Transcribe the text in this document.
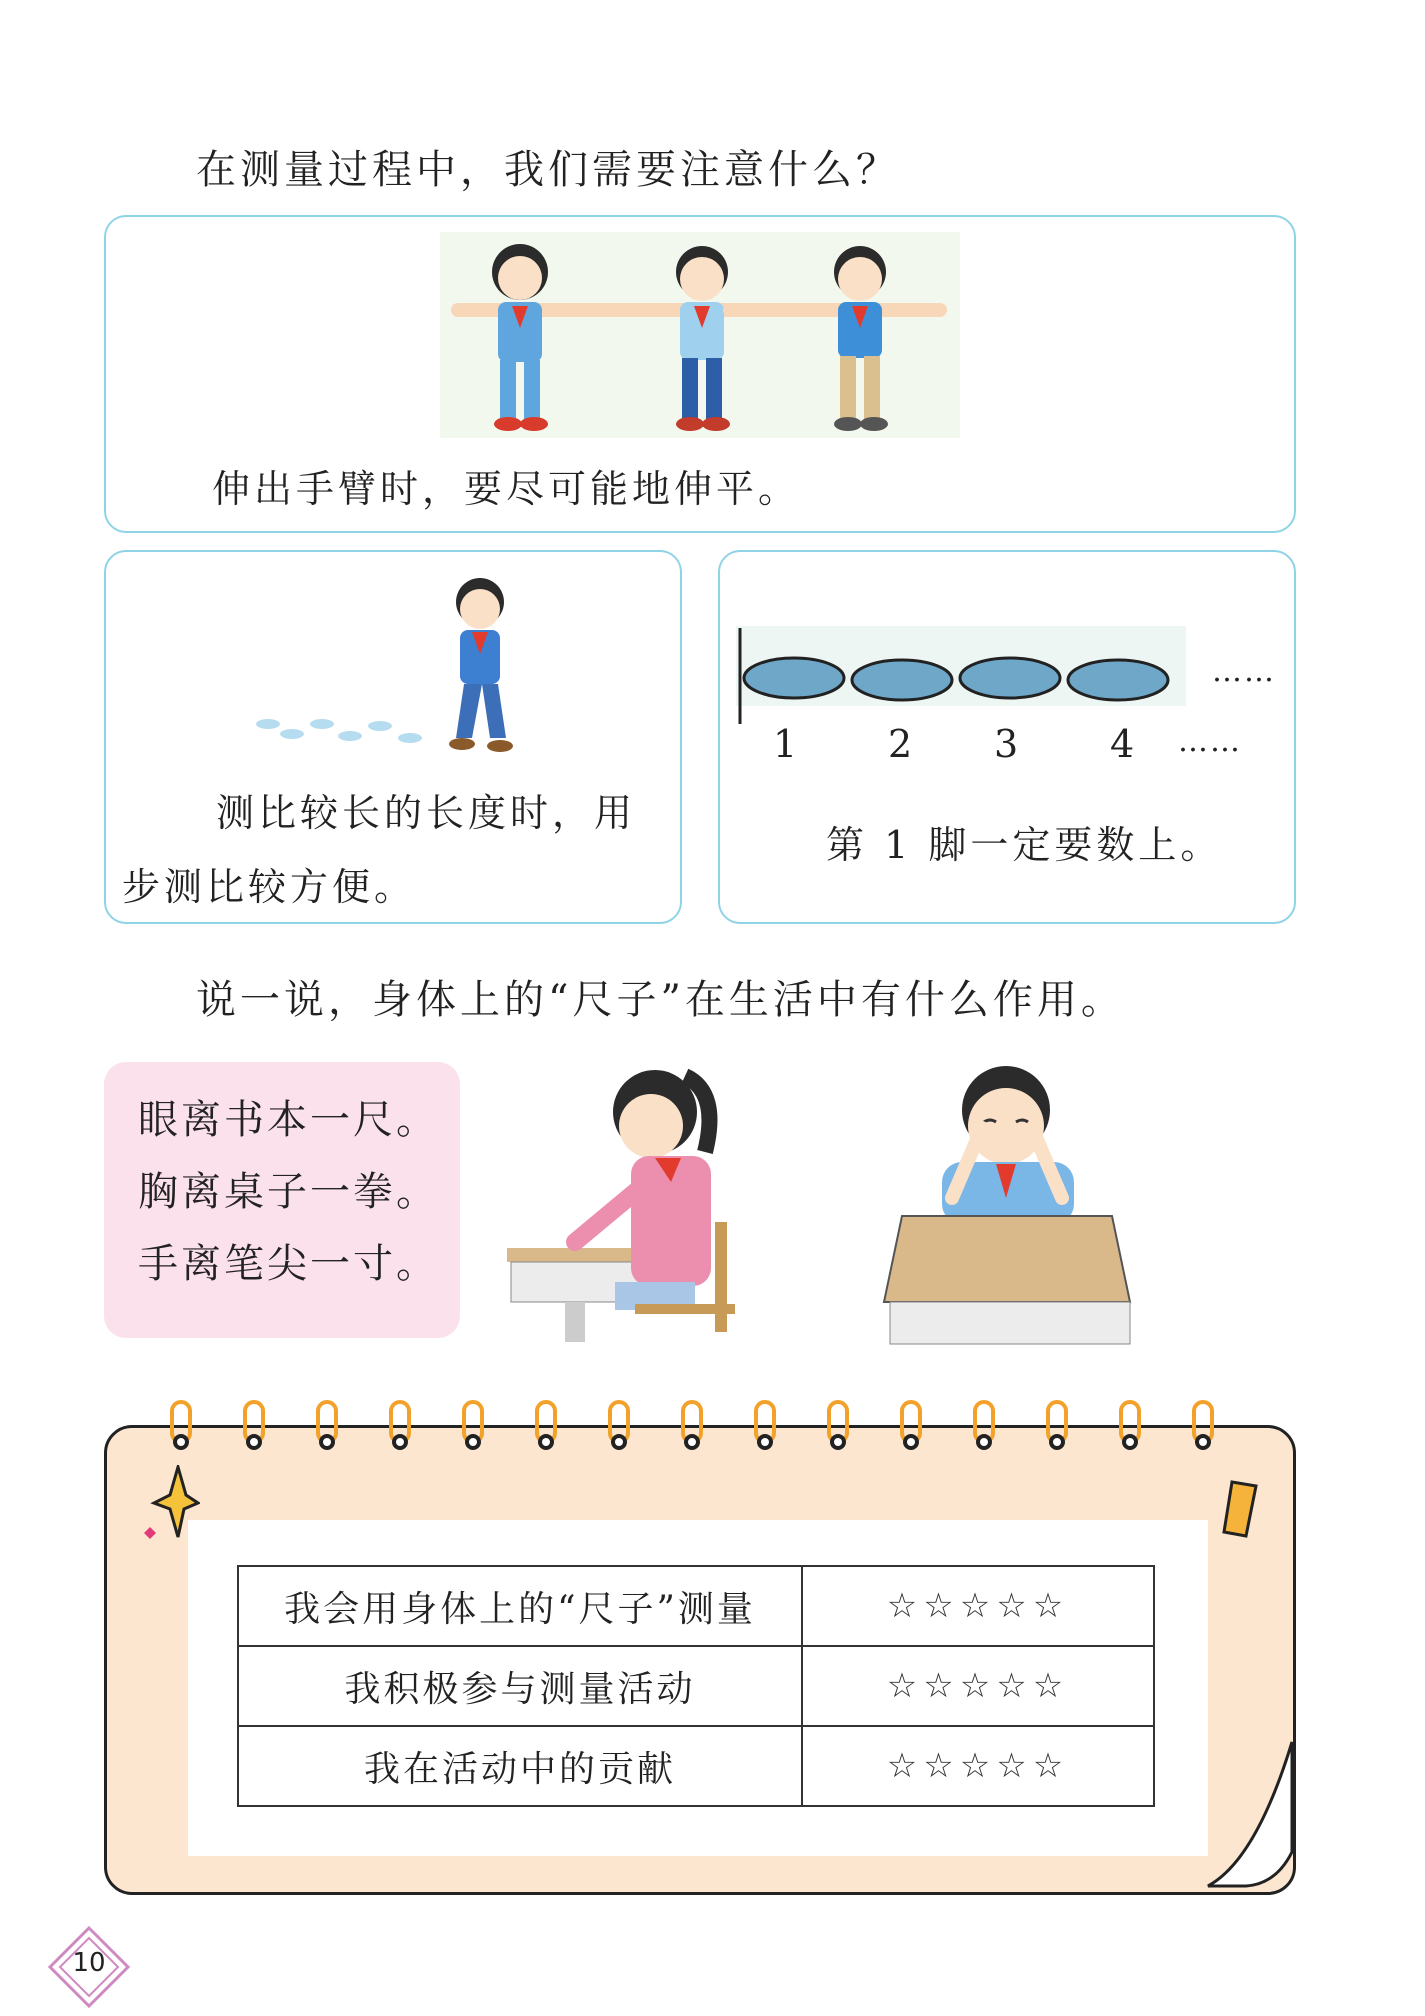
在测量过程中，我们需要注意什么？
伸出手臂时，要尽可能地伸平。
测比较长的长度时，用
步测比较方便。
……
1 2 3 4 ……
第 1 脚一定要数上。
说一说，身体上的“尺子”在生活中有什么作用。
眼离书本一尺。
胸离桌子一拳。
手离笔尖一寸。
我会用身体上的“尺子”测量	☆☆☆☆☆
我积极参与测量活动	☆☆☆☆☆
我在活动中的贡献	☆☆☆☆☆
10
